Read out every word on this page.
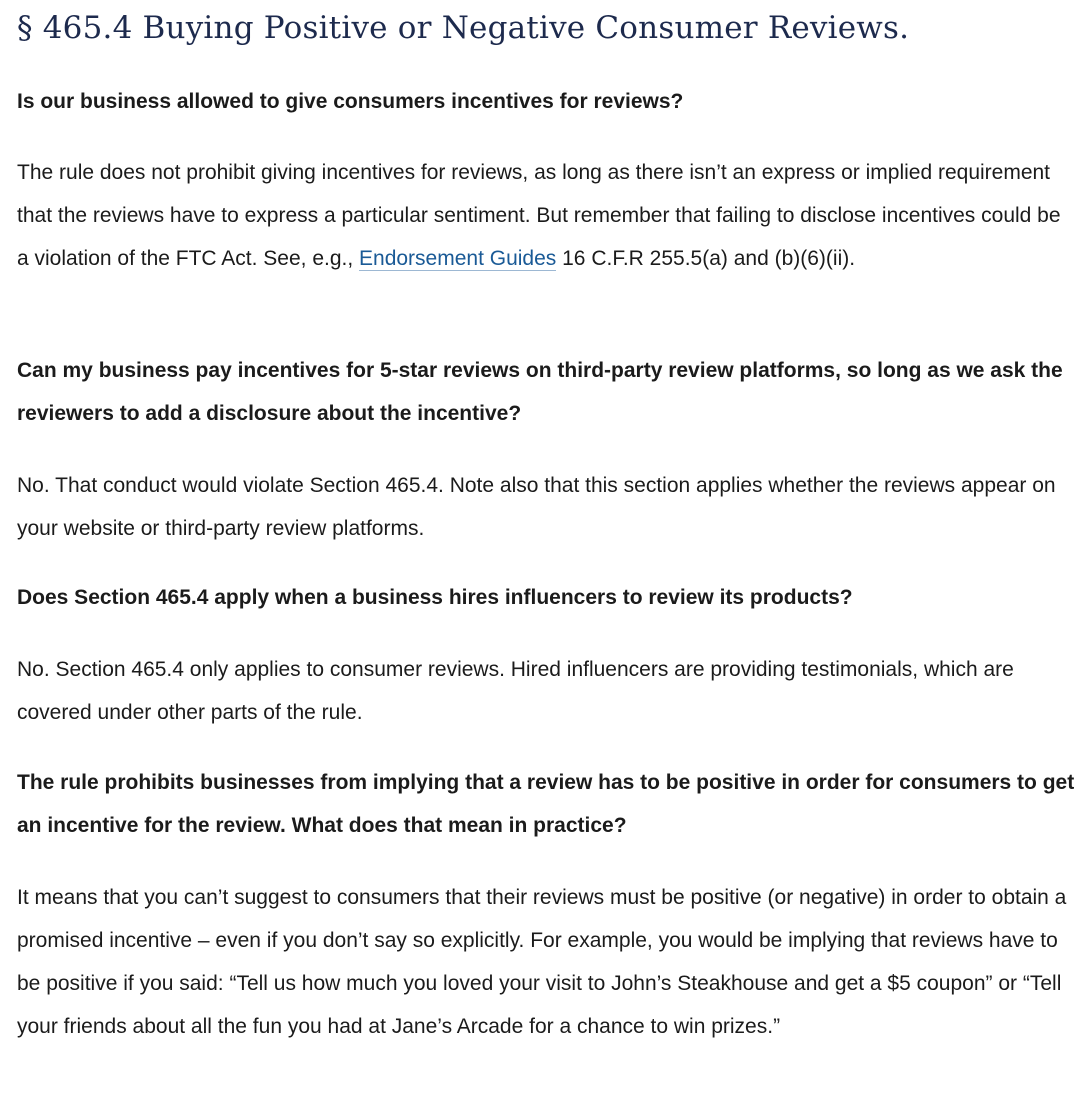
§ 465.4 Buying Positive or Negative Consumer Reviews.

Is our business allowed to give consumers incentives for reviews?

The rule does not prohibit giving incentives for reviews, as long as there isn’t an express or implied requirement that the reviews have to express a particular sentiment. But remember that failing to disclose incentives could be a violation of the FTC Act. See, e.g., Endorsement Guides 16 C.F.R 255.5(a) and (b)(6)(ii).

Can my business pay incentives for 5-star reviews on third-party review platforms, so long as we ask the reviewers to add a disclosure about the incentive?

No. That conduct would violate Section 465.4. Note also that this section applies whether the reviews appear on your website or third-party review platforms.

Does Section 465.4 apply when a business hires influencers to review its products?

No. Section 465.4 only applies to consumer reviews. Hired influencers are providing testimonials, which are covered under other parts of the rule.

The rule prohibits businesses from implying that a review has to be positive in order for consumers to get an incentive for the review. What does that mean in practice?

It means that you can’t suggest to consumers that their reviews must be positive (or negative) in order to obtain a promised incentive – even if you don’t say so explicitly. For example, you would be implying that reviews have to be positive if you said: “Tell us how much you loved your visit to John’s Steakhouse and get a $5 coupon” or “Tell your friends about all the fun you had at Jane’s Arcade for a chance to win prizes.”
